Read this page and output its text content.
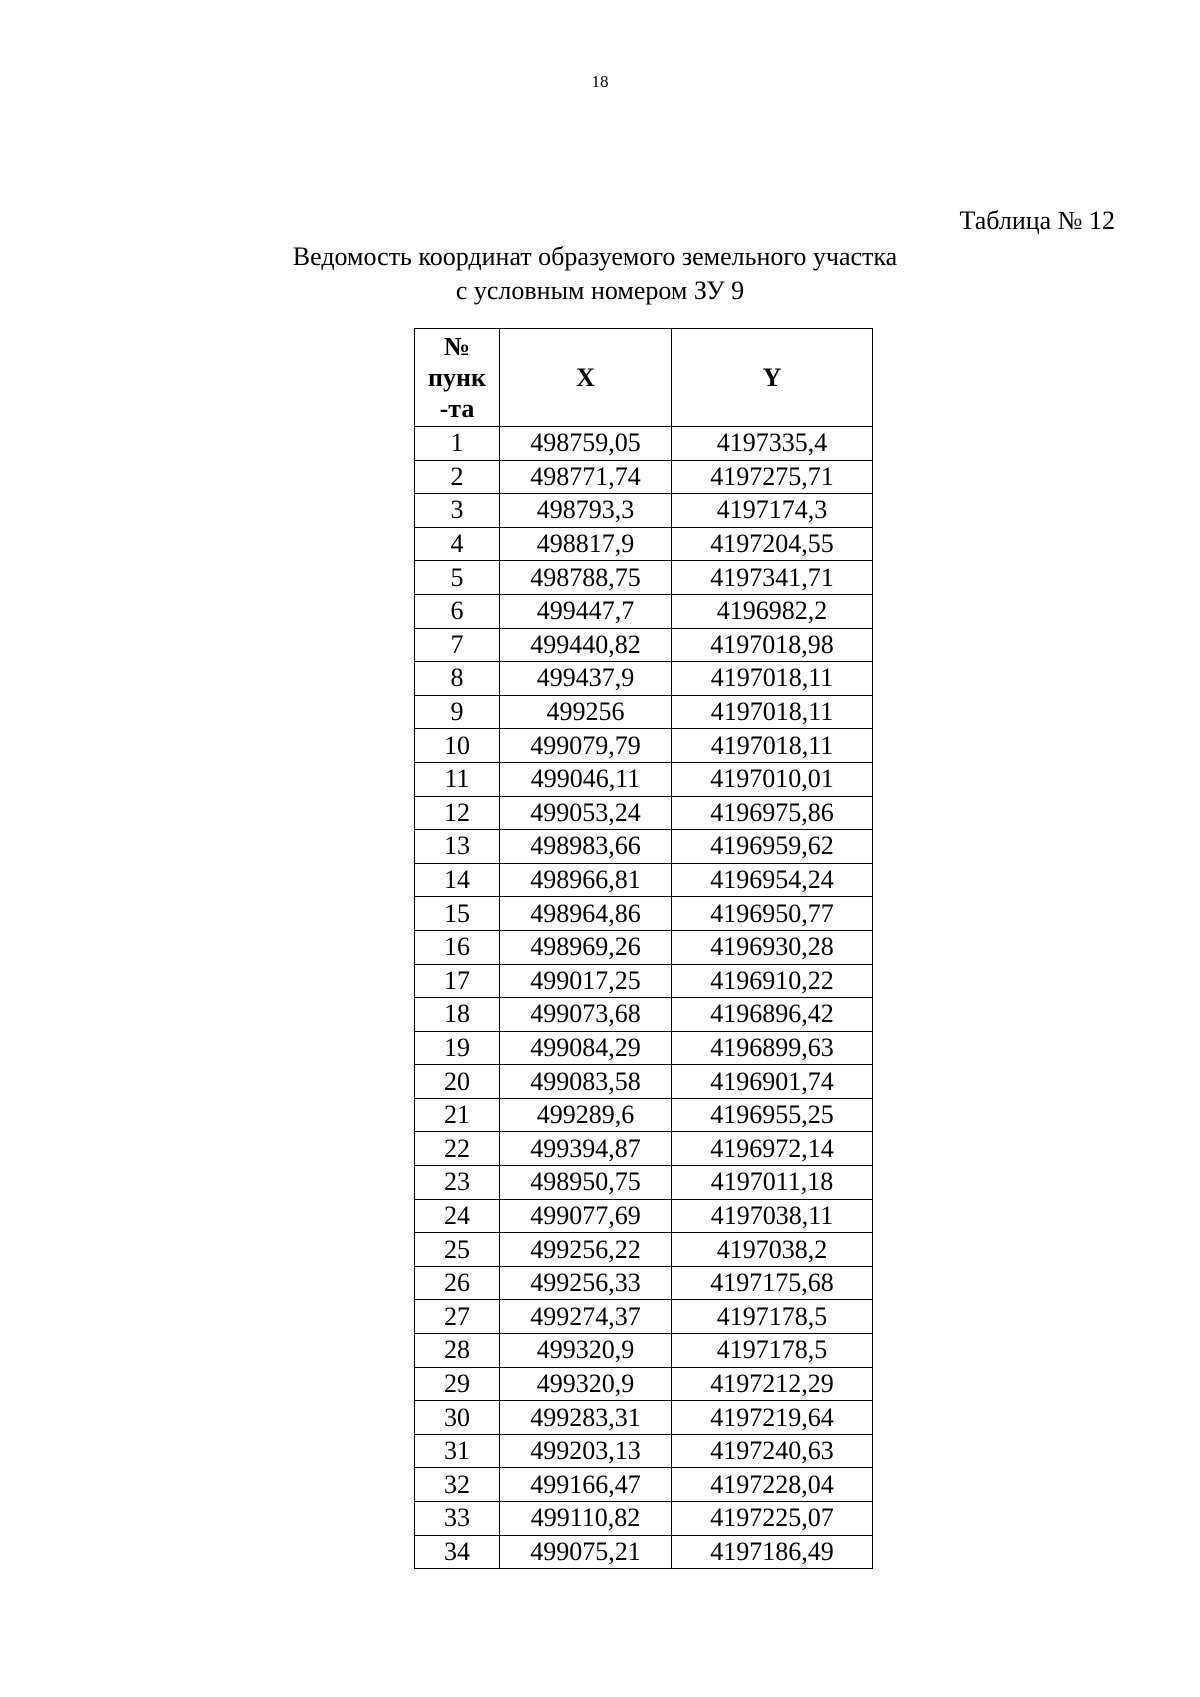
18
Таблица № 12
Ведомость координат образуемого земельного участка
с условным номером ЗУ 9
№
пунк
-та	X	Y
1	498759,05	4197335,4
2	498771,74	4197275,71
3	498793,3	4197174,3
4	498817,9	4197204,55
5	498788,75	4197341,71
6	499447,7	4196982,2
7	499440,82	4197018,98
8	499437,9	4197018,11
9	499256	4197018,11
10	499079,79	4197018,11
11	499046,11	4197010,01
12	499053,24	4196975,86
13	498983,66	4196959,62
14	498966,81	4196954,24
15	498964,86	4196950,77
16	498969,26	4196930,28
17	499017,25	4196910,22
18	499073,68	4196896,42
19	499084,29	4196899,63
20	499083,58	4196901,74
21	499289,6	4196955,25
22	499394,87	4196972,14
23	498950,75	4197011,18
24	499077,69	4197038,11
25	499256,22	4197038,2
26	499256,33	4197175,68
27	499274,37	4197178,5
28	499320,9	4197178,5
29	499320,9	4197212,29
30	499283,31	4197219,64
31	499203,13	4197240,63
32	499166,47	4197228,04
33	499110,82	4197225,07
34	499075,21	4197186,49
